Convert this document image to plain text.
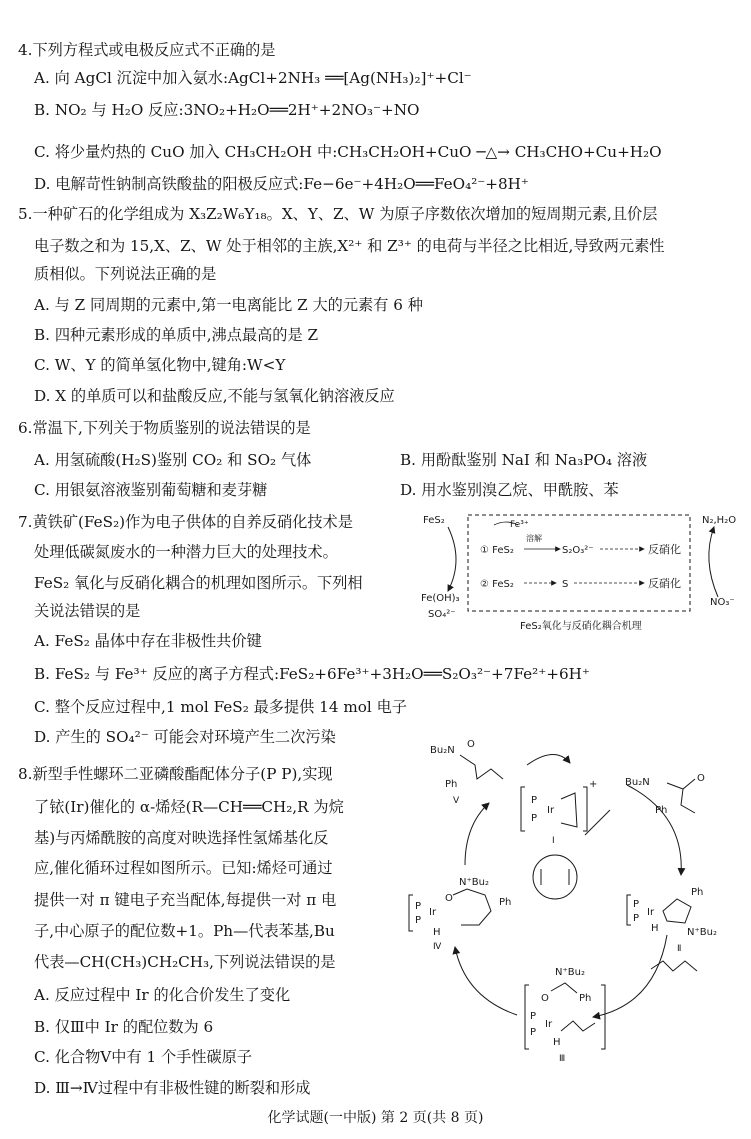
4.下列方程式或电极反应式不正确的是
A. 向 AgCl 沉淀中加入氨水:AgCl+2NH₃ ══[Ag(NH₃)₂]⁺+Cl⁻
B. NO₂ 与 H₂O 反应:3NO₂+H₂O══2H⁺+2NO₃⁻+NO
C. 将少量灼热的 CuO 加入 CH₃CH₂OH 中:CH₃CH₂OH+CuO ─△→ CH₃CHO+Cu+H₂O
D. 电解苛性钠制高铁酸盐的阳极反应式:Fe−6e⁻+4H₂O══FeO₄²⁻+8H⁺
5.一种矿石的化学组成为 X₃Z₂W₆Y₁₈。X、Y、Z、W 为原子序数依次增加的短周期元素,且价层
电子数之和为 15,X、Z、W 处于相邻的主族,X²⁺ 和 Z³⁺ 的电荷与半径之比相近,导致两元素性
质相似。下列说法正确的是
A. 与 Z 同周期的元素中,第一电离能比 Z 大的元素有 6 种
B. 四种元素形成的单质中,沸点最高的是 Z
C. W、Y 的简单氢化物中,键角:W<Y
D. X 的单质可以和盐酸反应,不能与氢氧化钠溶液反应
6.常温下,下列关于物质鉴别的说法错误的是
A. 用氢硫酸(H₂S)鉴别 CO₂ 和 SO₂ 气体	B. 用酚酞鉴别 NaI 和 Na₃PO₄ 溶液
C. 用银氨溶液鉴别葡萄糖和麦芽糖	D. 用水鉴别溴乙烷、甲酰胺、苯
7.黄铁矿(FeS₂)作为电子供体的自养反硝化技术是
处理低碳氮废水的一种潜力巨大的处理技术。
FeS₂ 氧化与反硝化耦合的机理如图所示。下列相
关说法错误的是
A. FeS₂ 晶体中存在非极性共价键
B. FeS₂ 与 Fe³⁺ 反应的离子方程式:FeS₂+6Fe³⁺+3H₂O══S₂O₃²⁻+7Fe²⁺+6H⁺
C. 整个反应过程中,1 mol FeS₂ 最多提供 14 mol 电子
D. 产生的 SO₄²⁻ 可能会对环境产生二次污染
FeS₂	Fe³⁺
① FeS₂
溶解
S₂O₃²⁻	反硝化
② FeS₂	S	反硝化
N₂,H₂O
NO₃⁻
Fe(OH)₃
SO₄²⁻
FeS₂氧化与反硝化耦合机理
8.新型手性螺环二亚磷酸酯配体分子(P P),实现
了铱(Ir)催化的 α-烯烃(R—CH══CH₂,R 为烷
基)与丙烯酰胺的高度对映选择性氢烯基化反
应,催化循环过程如图所示。已知:烯烃可通过
提供一对 π 键电子充当配体,每提供一对 π 电
子,中心原子的配位数+1。Ph—代表苯基,Bu
代表—CH(CH₃)CH₂CH₃,下列说法错误的是
A. 反应过程中 Ir 的化合价发生了变化
B. 仅Ⅲ中 Ir 的配位数为 6
C. 化合物Ⅴ中有 1 个手性碳原子
D. Ⅲ→Ⅳ过程中有非极性键的断裂和形成
Bu₂N
O
Ph
Ⅴ
+
P
P
Ir
Ⅰ
Bu₂N	O
Ph
P
P
Ir
H
Ph
N⁺Bu₂
Ⅱ
N⁺Bu₂
O	Ph
P
P
Ir
H
Ⅲ
N⁺Bu₂
P
P
Ir
O	Ph
H
Ⅳ
化学试题(一中版) 第 2 页(共 8 页)
